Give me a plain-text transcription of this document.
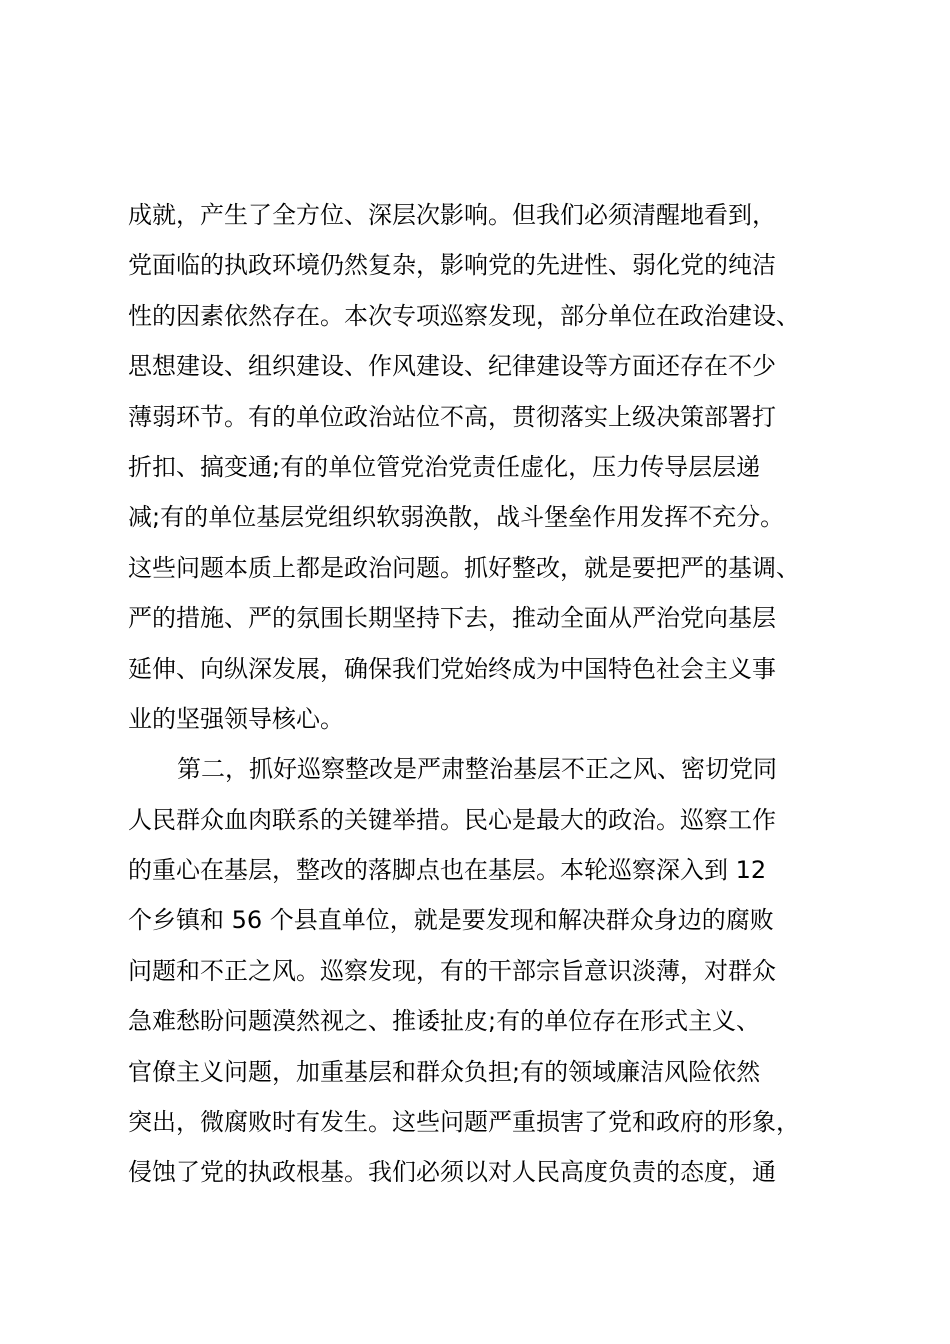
成就，产生了全方位、深层次影响。但我们必须清醒地看到，
党面临的执政环境仍然复杂，影响党的先进性、弱化党的纯洁
性的因素依然存在。本次专项巡察发现，部分单位在政治建设、
思想建设、组织建设、作风建设、纪律建设等方面还存在不少
薄弱环节。有的单位政治站位不高，贯彻落实上级决策部署打
折扣、搞变通;有的单位管党治党责任虚化，压力传导层层递
减;有的单位基层党组织软弱涣散，战斗堡垒作用发挥不充分。
这些问题本质上都是政治问题。抓好整改，就是要把严的基调、
严的措施、严的氛围长期坚持下去，推动全面从严治党向基层
延伸、向纵深发展，确保我们党始终成为中国特色社会主义事
业的坚强领导核心。
第二，抓好巡察整改是严肃整治基层不正之风、密切党同
人民群众血肉联系的关键举措。民心是最大的政治。巡察工作
的重心在基层，整改的落脚点也在基层。本轮巡察深入到 12
个乡镇和 56 个县直单位，就是要发现和解决群众身边的腐败
问题和不正之风。巡察发现，有的干部宗旨意识淡薄，对群众
急难愁盼问题漠然视之、推诿扯皮;有的单位存在形式主义、
官僚主义问题，加重基层和群众负担;有的领域廉洁风险依然
突出，微腐败时有发生。这些问题严重损害了党和政府的形象，
侵蚀了党的执政根基。我们必须以对人民高度负责的态度，通
